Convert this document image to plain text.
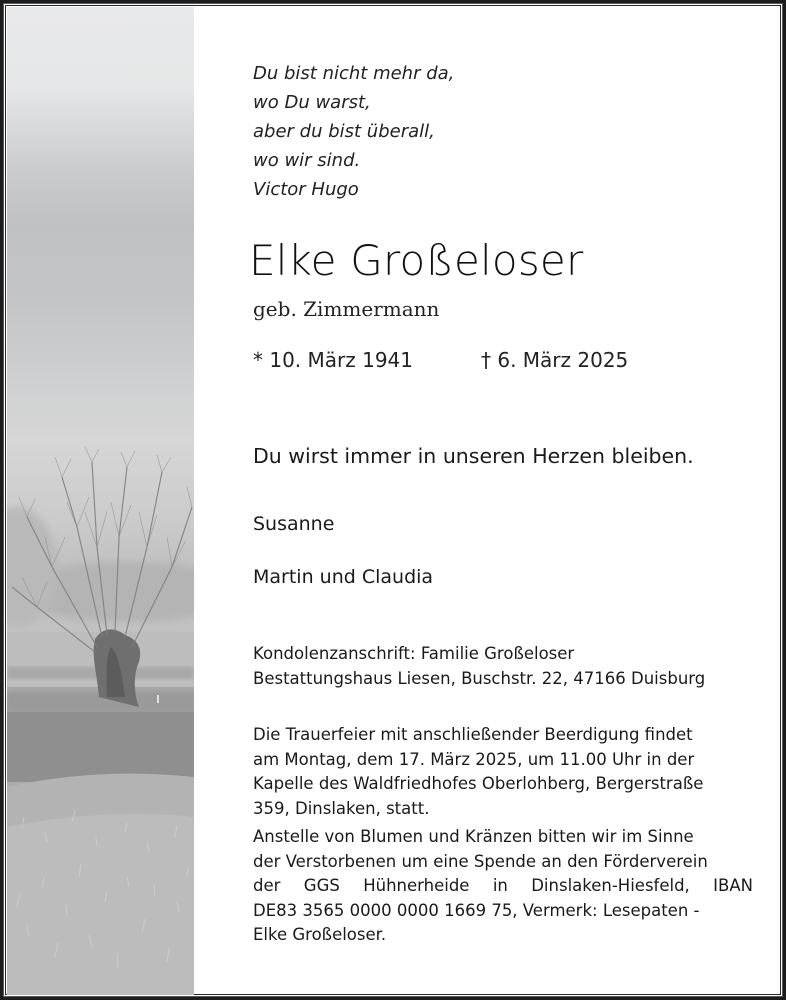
Du bist nicht mehr da,
wo Du warst,
aber du bist überall,
wo wir sind.
Victor Hugo
Elke Großeloser
geb. Zimmermann
* 10. März 1941	† 6. März 2025
Du wirst immer in unseren Herzen bleiben.
Susanne
Martin und Claudia
Kondolenzanschrift: Familie Großeloser
Bestattungshaus Liesen, Buschstr. 22, 47166 Duisburg
Die Trauerfeier mit anschließender Beerdigung findet
am Montag, dem 17. März 2025, um 11.00 Uhr in der
Kapelle des Waldfriedhofes Oberlohberg, Bergerstraße
359, Dinslaken, statt.
Anstelle von Blumen und Kränzen bitten wir im Sinne
der Verstorbenen um eine Spende an den Förderverein
der GGS Hühnerheide in Dinslaken-Hiesfeld, IBAN
DE83 3565 0000 0000 1669 75, Vermerk: Lesepaten -
Elke Großeloser.
